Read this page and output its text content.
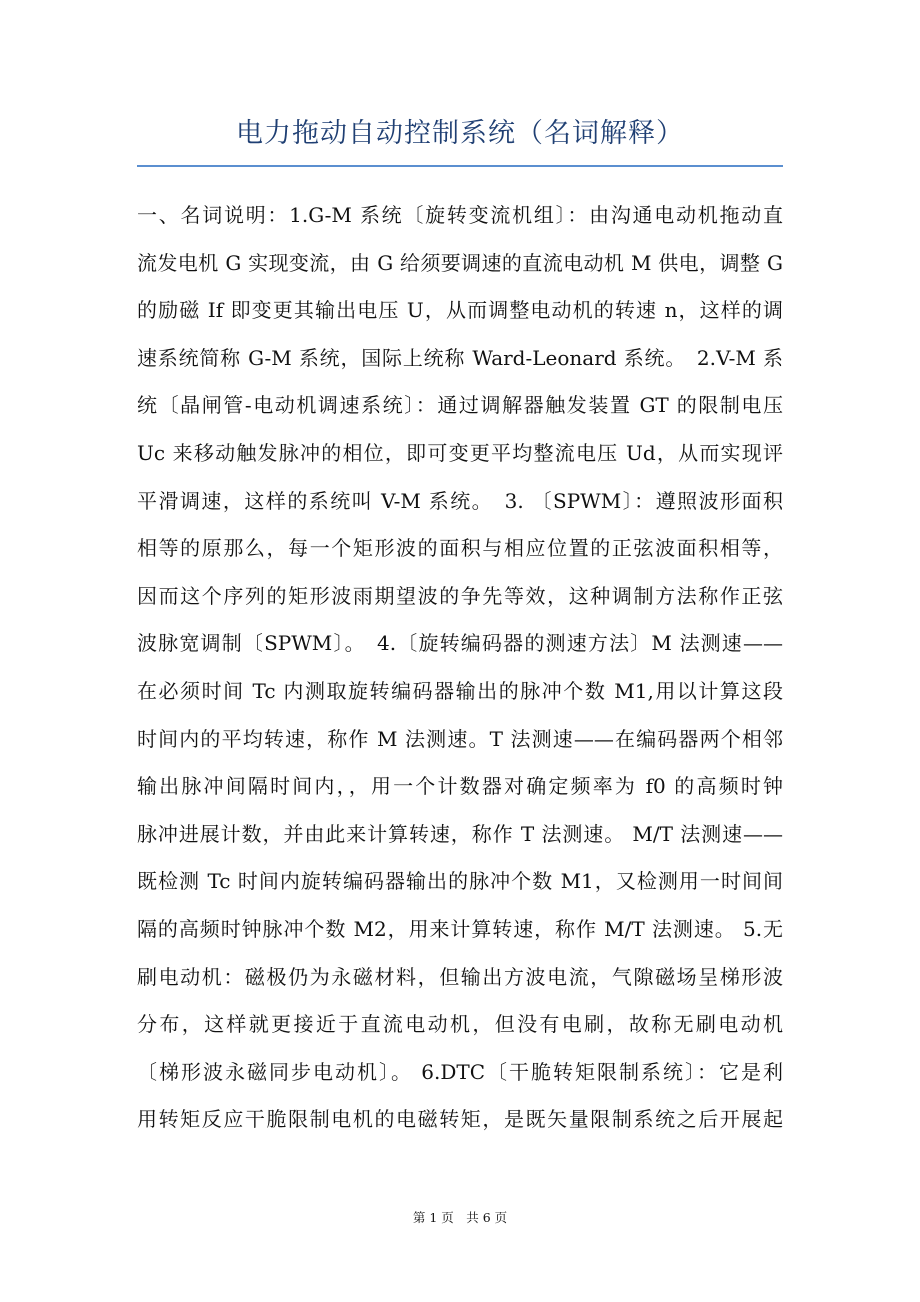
电力拖动自动控制系统（名词解释）
一、名词说明：1.G-M 系统〔旋转变流机组〕：由沟通电动机拖动直
流发电机 G 实现变流，由 G 给须要调速的直流电动机 M 供电，调整 G
的励磁 If 即变更其输出电压 U，从而调整电动机的转速 n，这样的调
速系统简称 G-M 系统，国际上统称 Ward-Leonard 系统。　2.V-M 系
统〔晶闸管-电动机调速系统〕：通过调解器触发装置 GT 的限制电压
Uc 来移动触发脉冲的相位，即可变更平均整流电压 Ud，从而实现评
平滑调速，这样的系统叫 V-M 系统。　3. 〔SPWM〕：遵照波形面积
相等的原那么，每一个矩形波的面积与相应位置的正弦波面积相等，
因而这个序列的矩形波雨期望波的争先等效，这种调制方法称作正弦
波脉宽调制〔SPWM〕。　4.〔旋转编码器的测速方法〕M 法测速——
在必须时间 Tc 内测取旋转编码器输出的脉冲个数 M1,用以计算这段
时间内的平均转速，称作 M 法测速。T 法测速——在编码器两个相邻
输出脉冲间隔时间内，，用一个计数器对确定频率为 f0 的高频时钟
脉冲进展计数，并由此来计算转速，称作 T 法测速。 M/T 法测速——
既检测 Tc 时间内旋转编码器输出的脉冲个数 M1，又检测用一时间间
隔的高频时钟脉冲个数 M2，用来计算转速，称作 M/T 法测速。 5.无
刷电动机：磁极仍为永磁材料，但输出方波电流，气隙磁场呈梯形波
分布，这样就更接近于直流电动机，但没有电刷，故称无刷电动机
〔梯形波永磁同步电动机〕。 6.DTC〔干脆转矩限制系统〕：它是利
用转矩反应干脆限制电机的电磁转矩，是既矢量限制系统之后开展起
第 1 页　共 6 页
